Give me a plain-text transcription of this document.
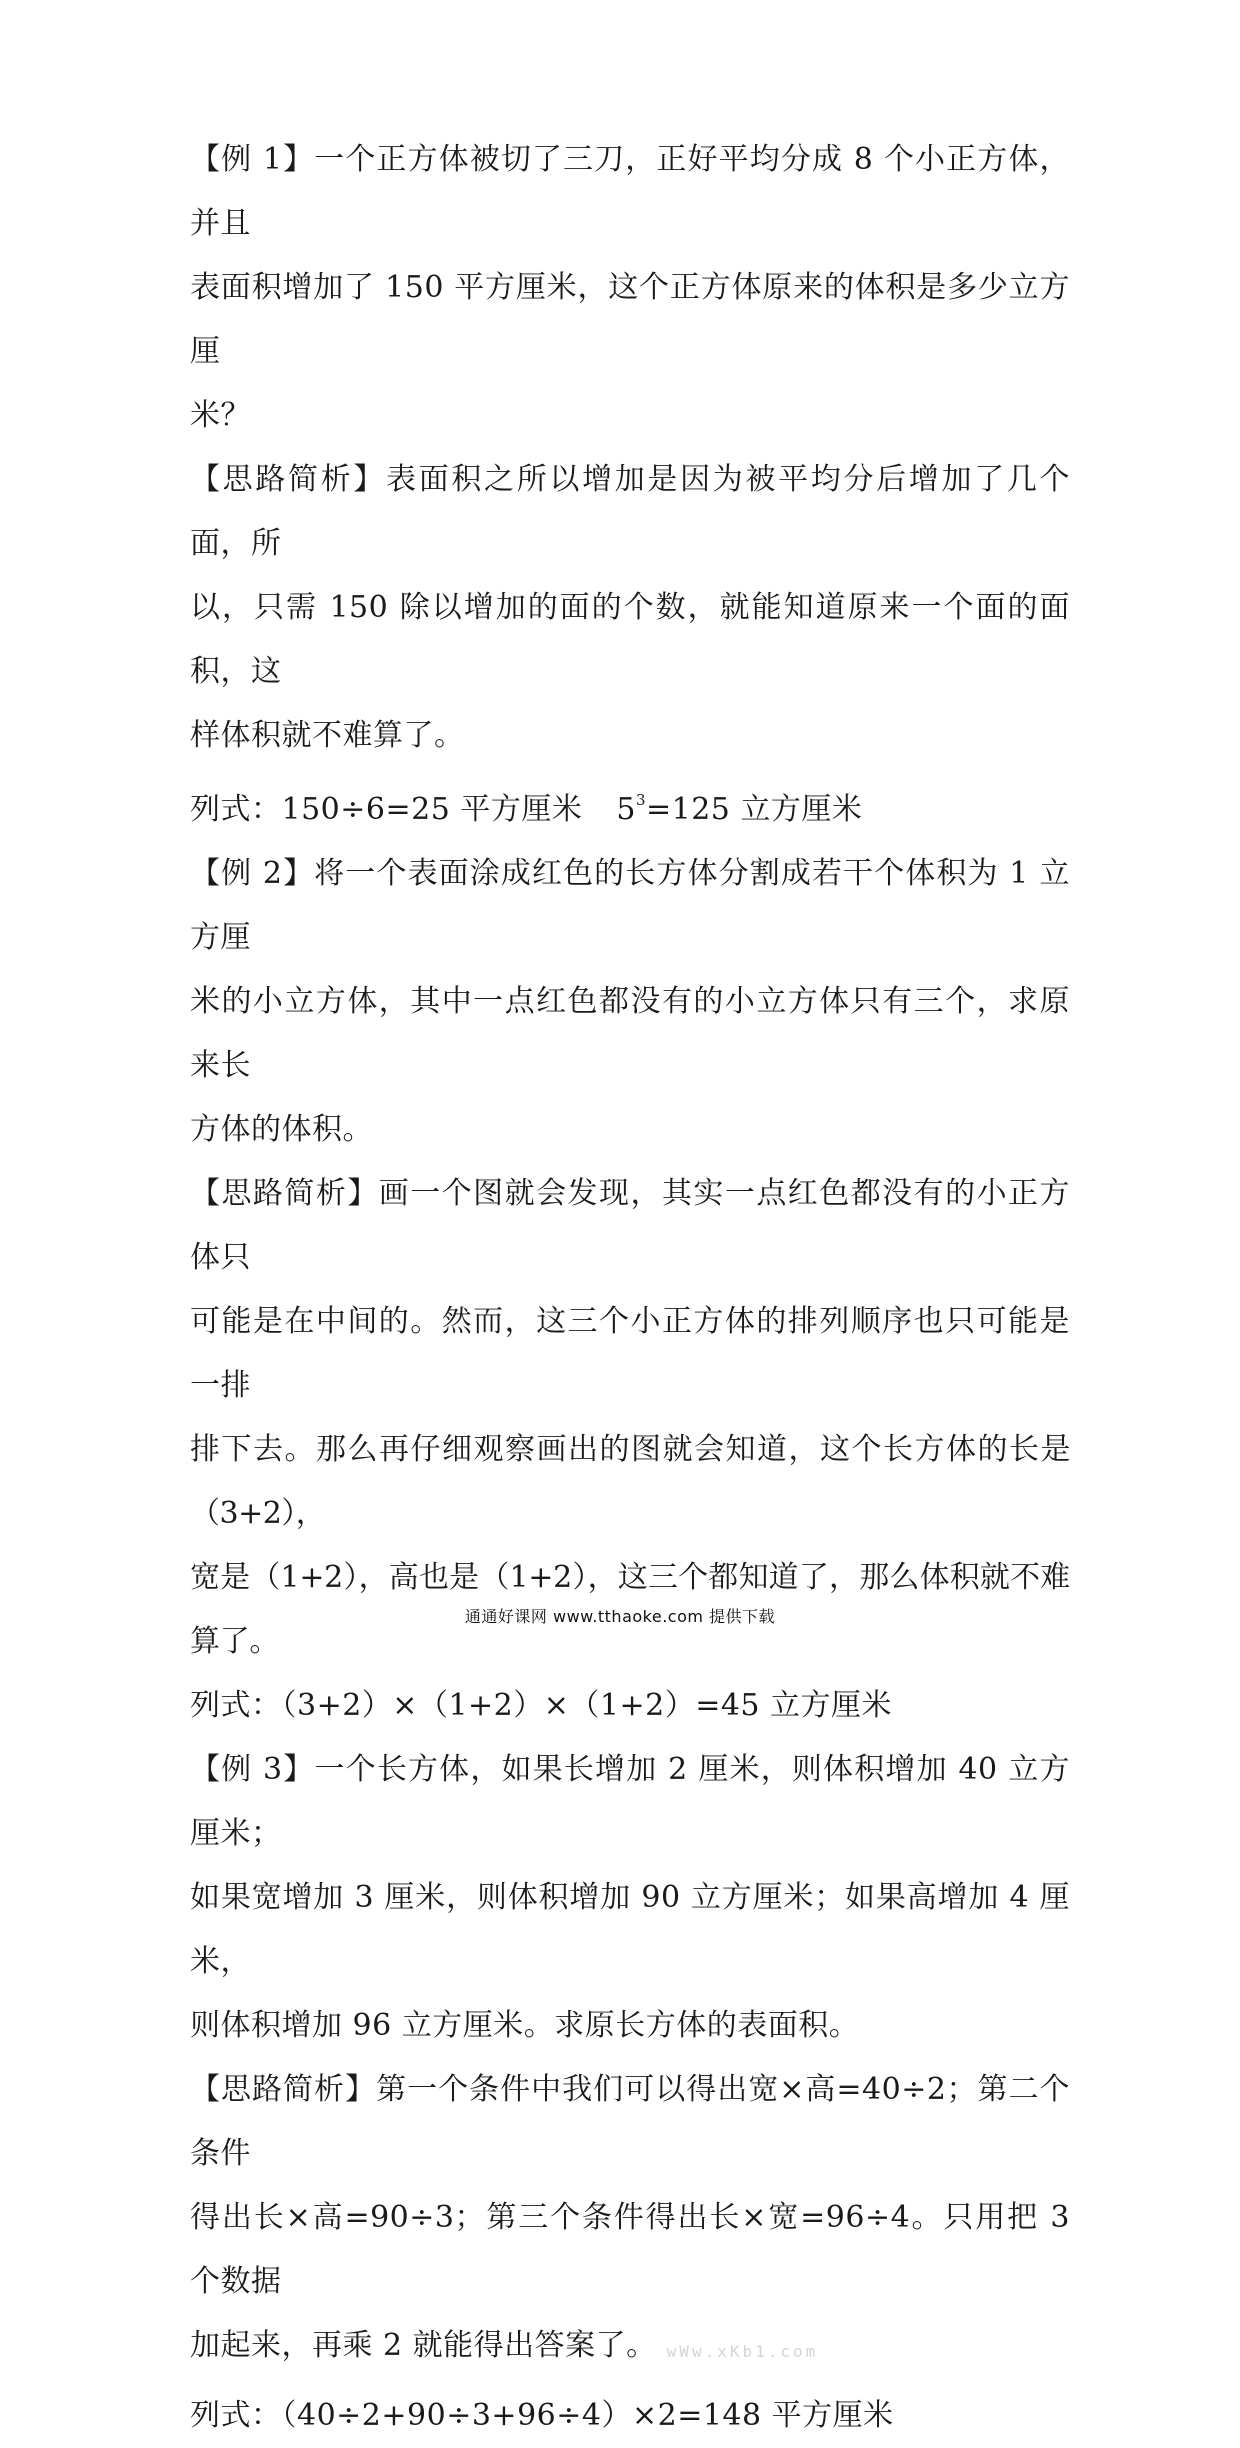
【例 1】一个正方体被切了三刀，正好平均分成 8 个小正方体，并且

表面积增加了 150 平方厘米，这个正方体原来的体积是多少立方厘

米？

【思路简析】表面积之所以增加是因为被平均分后增加了几个面，所

以，只需 150 除以增加的面的个数，就能知道原来一个面的面积，这

样体积就不难算了。

列式：150÷6=25 平方厘米 $5^3=125$ 立方厘米

【例 2】将一个表面涂成红色的长方体分割成若干个体积为 1 立方厘

米的小立方体，其中一点红色都没有的小立方体只有三个，求原来长

方体的体积。

【思路简析】画一个图就会发现，其实一点红色都没有的小正方体只

可能是在中间的。然而，这三个小正方体的排列顺序也只可能是一排

排下去。那么再仔细观察画出的图就会知道，这个长方体的长是（3+2），

宽是（1+2），高也是（1+2），这三个都知道了，那么体积就不难算了。

列式：（3+2）×（1+2）×（1+2）=45 立方厘米

【例 3】一个长方体，如果长增加 2 厘米，则体积增加 40 立方厘米；

如果宽增加 3 厘米，则体积增加 90 立方厘米；如果高增加 4 厘米，

则体积增加 96 立方厘米。求原长方体的表面积。

【思路简析】第一个条件中我们可以得出宽×高=40÷2；第二个条件

得出长×高=90÷3；第三个条件得出长×宽=96÷4。只用把 3 个数据

加起来，再乘 2 就能得出答案了。 wWw.xKb1.com

列式：（40÷2+90÷3+96÷4）×2=148 平方厘米

通通好课网 www.tthaoke.com 提供下载
